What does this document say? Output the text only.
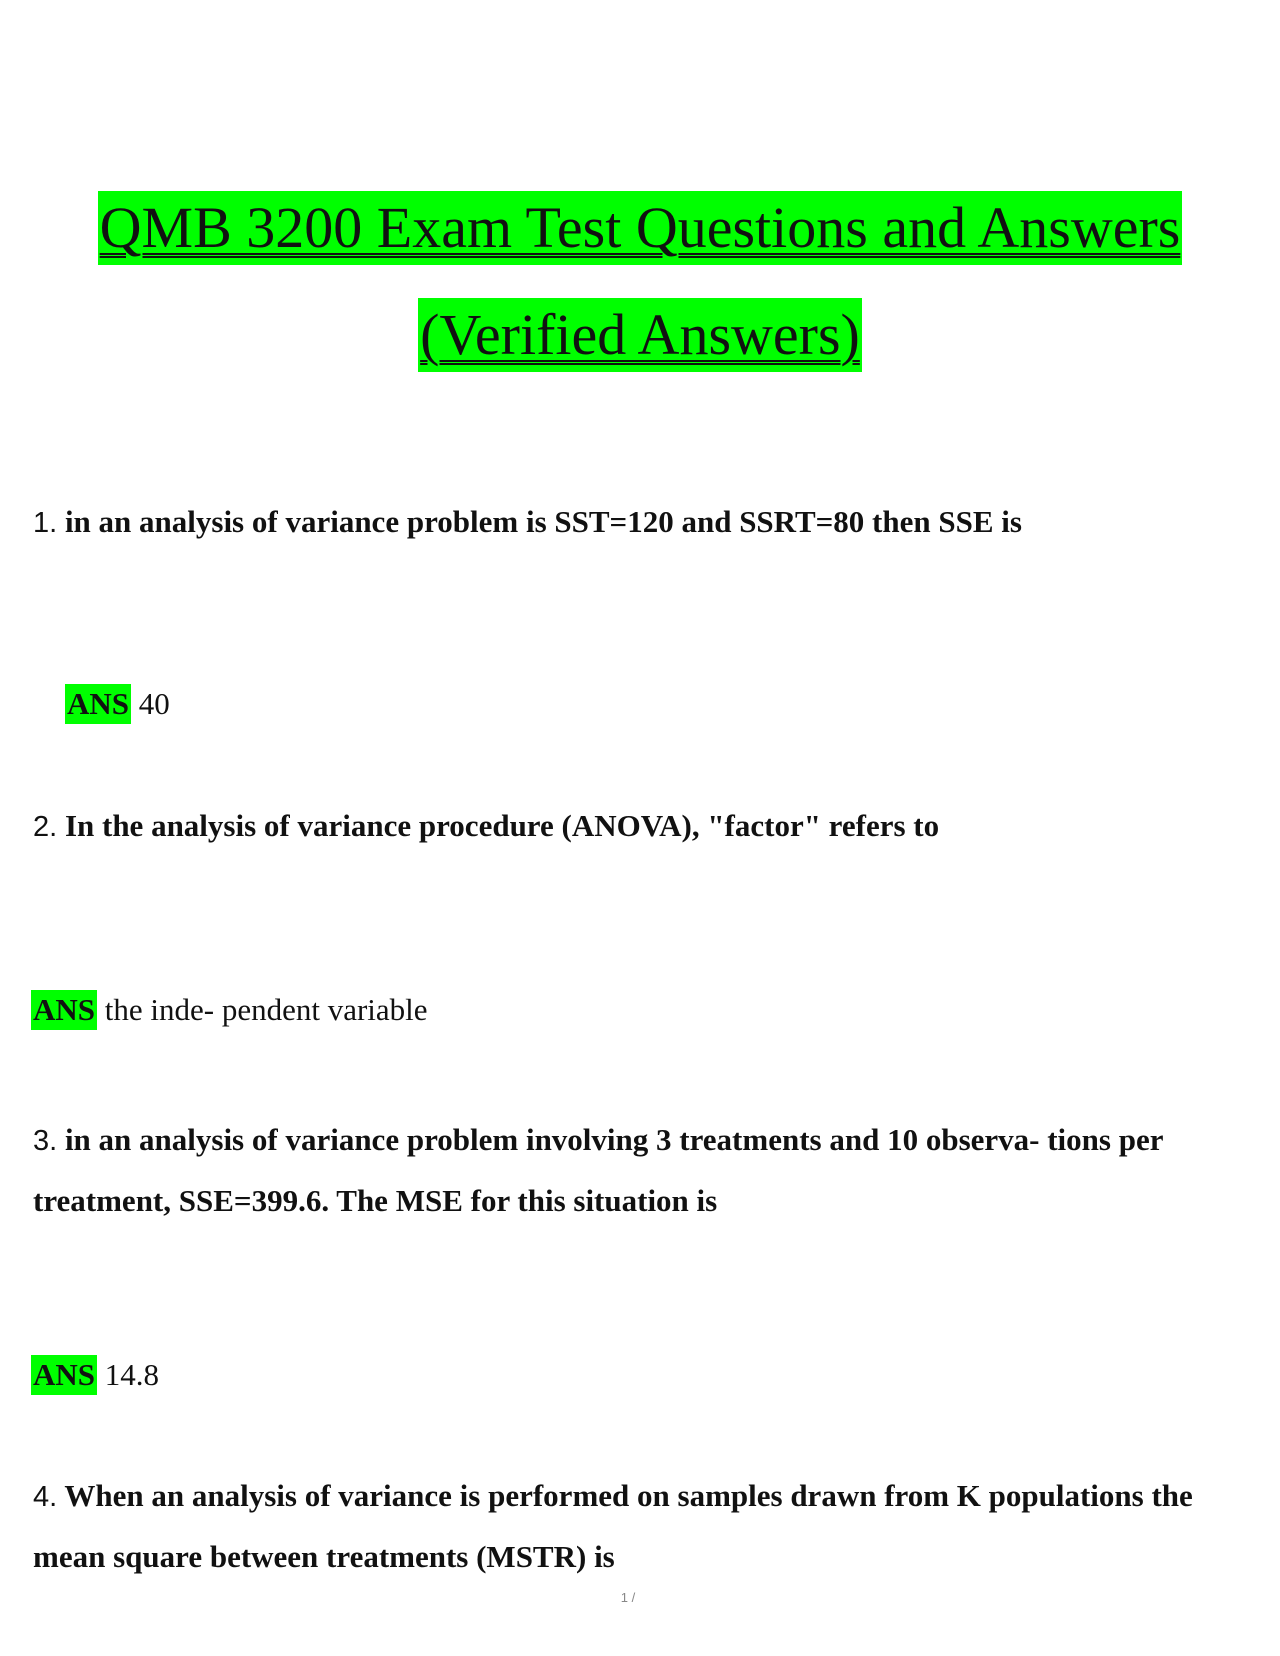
QMB 3200 Exam Test Questions and Answers
(Verified Answers)
1. in an analysis of variance problem is SST=120 and SSRT=80 then SSE is
ANS 40
2. In the analysis of variance procedure (ANOVA), "factor" refers to
ANS the inde- pendent variable
3. in an analysis of variance problem involving 3 treatments and 10 observa- tions per treatment, SSE=399.6. The MSE for this situation is
ANS 14.8
4. When an analysis of variance is performed on samples drawn from K populations the mean square between treatments (MSTR) is
1 /
